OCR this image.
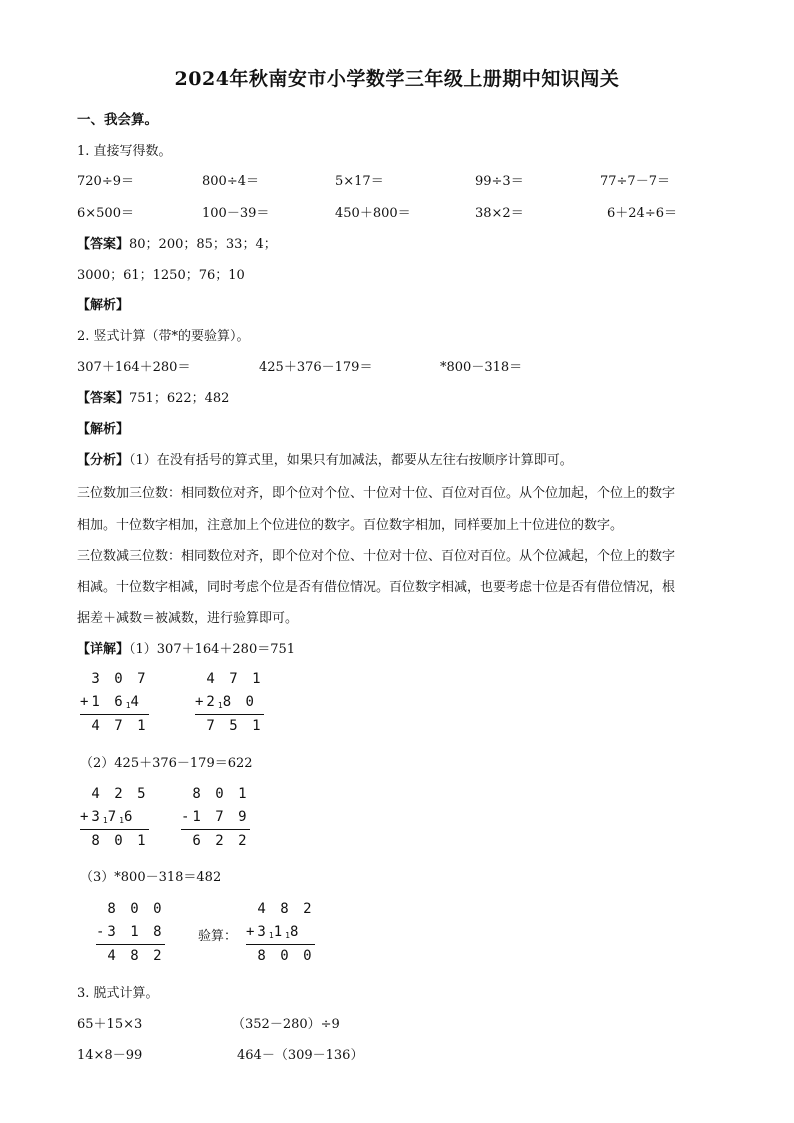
2024年秋南安市小学数学三年级上册期中知识闯关
一、我会算。
1. 直接写得数。
720÷9＝	800÷4＝	5×17＝	99÷3＝	77÷7－7＝
6×500＝	100－39＝	450＋800＝	38×2＝	6＋24÷6＝
【答案】80；200；85；33；4；
3000；61；1250；76；10
【解析】
2. 竖式计算（带*的要验算）。
307＋164＋280＝	425＋376－179＝	*800－318＝
【答案】751；622；482
【解析】
【分析】（1）在没有括号的算式里，如果只有加减法，都要从左往右按顺序计算即可。
三位数加三位数：相同数位对齐，即个位对个位、十位对十位、百位对百位。从个位加起，个位上的数字
相加。十位数字相加，注意加上个位进位的数字。百位数字相加，同样要加上十位进位的数字。
三位数减三位数：相同数位对齐，即个位对个位、十位对十位、百位对百位。从个位减起，个位上的数字
相减。十位数字相减，同时考虑个位是否有借位情况。百位数字相减，也要考虑十位是否有借位情况，根
据差＋减数＝被减数，进行验算即可。
【详解】（1）307＋164＋280＝751
3 0 7
+1 $6_14$
4 7 1
4 7 1
$+2_18$ 0
7 5 1
（2）425＋376－179＝622
4 2 5
$+3_17_16$
8 0 1
8 0 1
-1 7 9
6 2 2
（3）*800－318＝482
8 0 0
-3 1 8
4 8 2
验算：
4 8 2
$+3_11_18$
8 0 0
3. 脱式计算。
65＋15×3	（352－280）÷9
14×8－99	464－（309－136）
